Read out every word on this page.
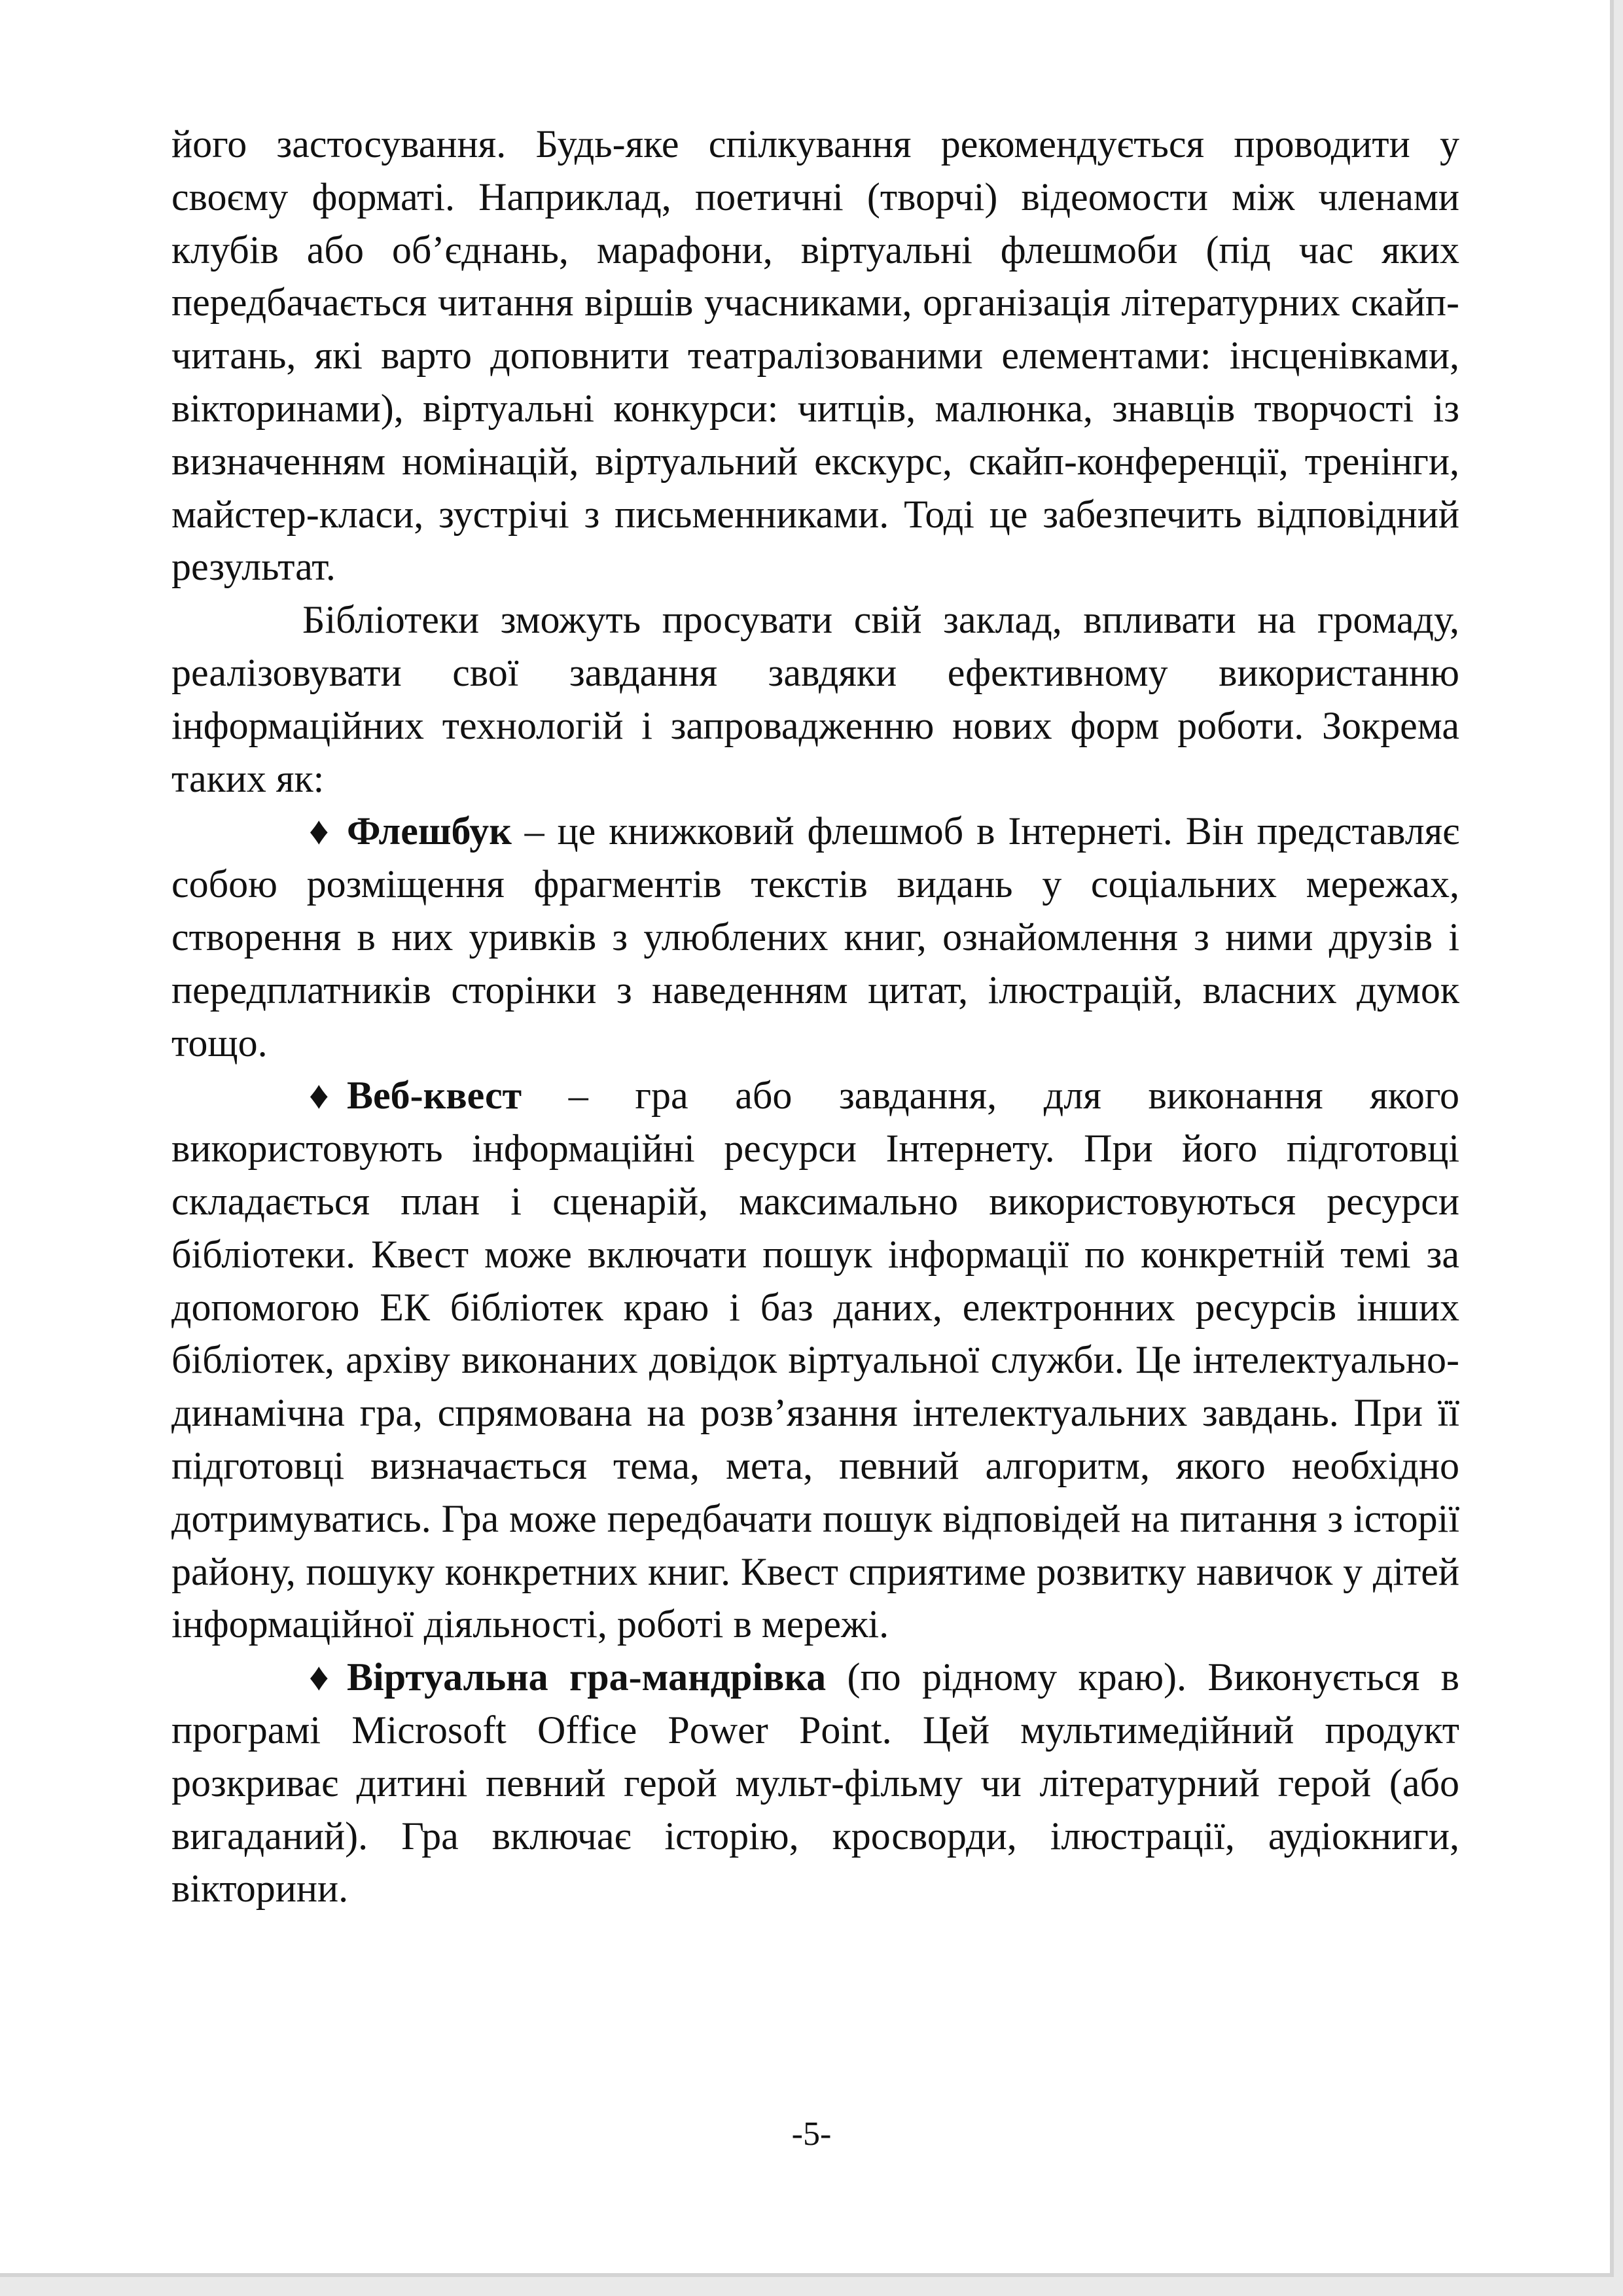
його застосування. Будь-яке спілкування рекомендується проводити у своєму форматі. Наприклад, поетичні (творчі) відеомости між членами клубів або об’єднань, марафони, віртуальні флешмоби (під час яких передбачається читання віршів учасниками, організація літературних скайп-читань, які варто доповнити театралізованими елементами: інсценівками, вікторинами), віртуальні конкурси: читців, малюнка, знавців творчості із визначенням номінацій, віртуальний екскурс, скайп-конференції, тренінги, майстер-класи, зустрічі з письменниками. Тоді це забезпечить відповідний результат.

Бібліотеки зможуть просувати свій заклад, впливати на громаду, реалізовувати свої завдання завдяки ефективному використанню інформаційних технологій і запровадженню нових форм роботи. Зокрема таких як:

♦ Флешбук – це книжковий флешмоб в Інтернеті. Він представляє собою розміщення фрагментів текстів видань у соціальних мережах, створення в них уривків з улюблених книг, ознайомлення з ними друзів і передплатників сторінки з наведенням цитат, ілюстрацій, власних думок тощо.

♦ Веб-квест – гра або завдання, для виконання якого використовують інформаційні ресурси Інтернету. При його підготовці складається план і сценарій, максимально використовуються ресурси бібліотеки. Квест може включати пошук інформації по конкретній темі за допомогою ЕК бібліотек краю і баз даних, електронних ресурсів інших бібліотек, архіву виконаних довідок віртуальної служби. Це інтелектуально-динамічна гра, спрямована на розв’язання інтелектуальних завдань. При її підготовці визначається тема, мета, певний алгоритм, якого необхідно дотримуватись. Гра може передбачати пошук відповідей на питання з історії району, пошуку конкретних книг. Квест сприятиме розвитку навичок у дітей інформаційної діяльності, роботі в мережі.

♦ Віртуальна гра-мандрівка (по рідному краю). Виконується в програмі Microsoft Office Power Point. Цей мультимедійний продукт розкриває дитині певний герой мульт-фільму чи літературний герой (або вигаданий). Гра включає історію, кросворди, ілюстрації, аудіокниги, вікторини.

-5-
